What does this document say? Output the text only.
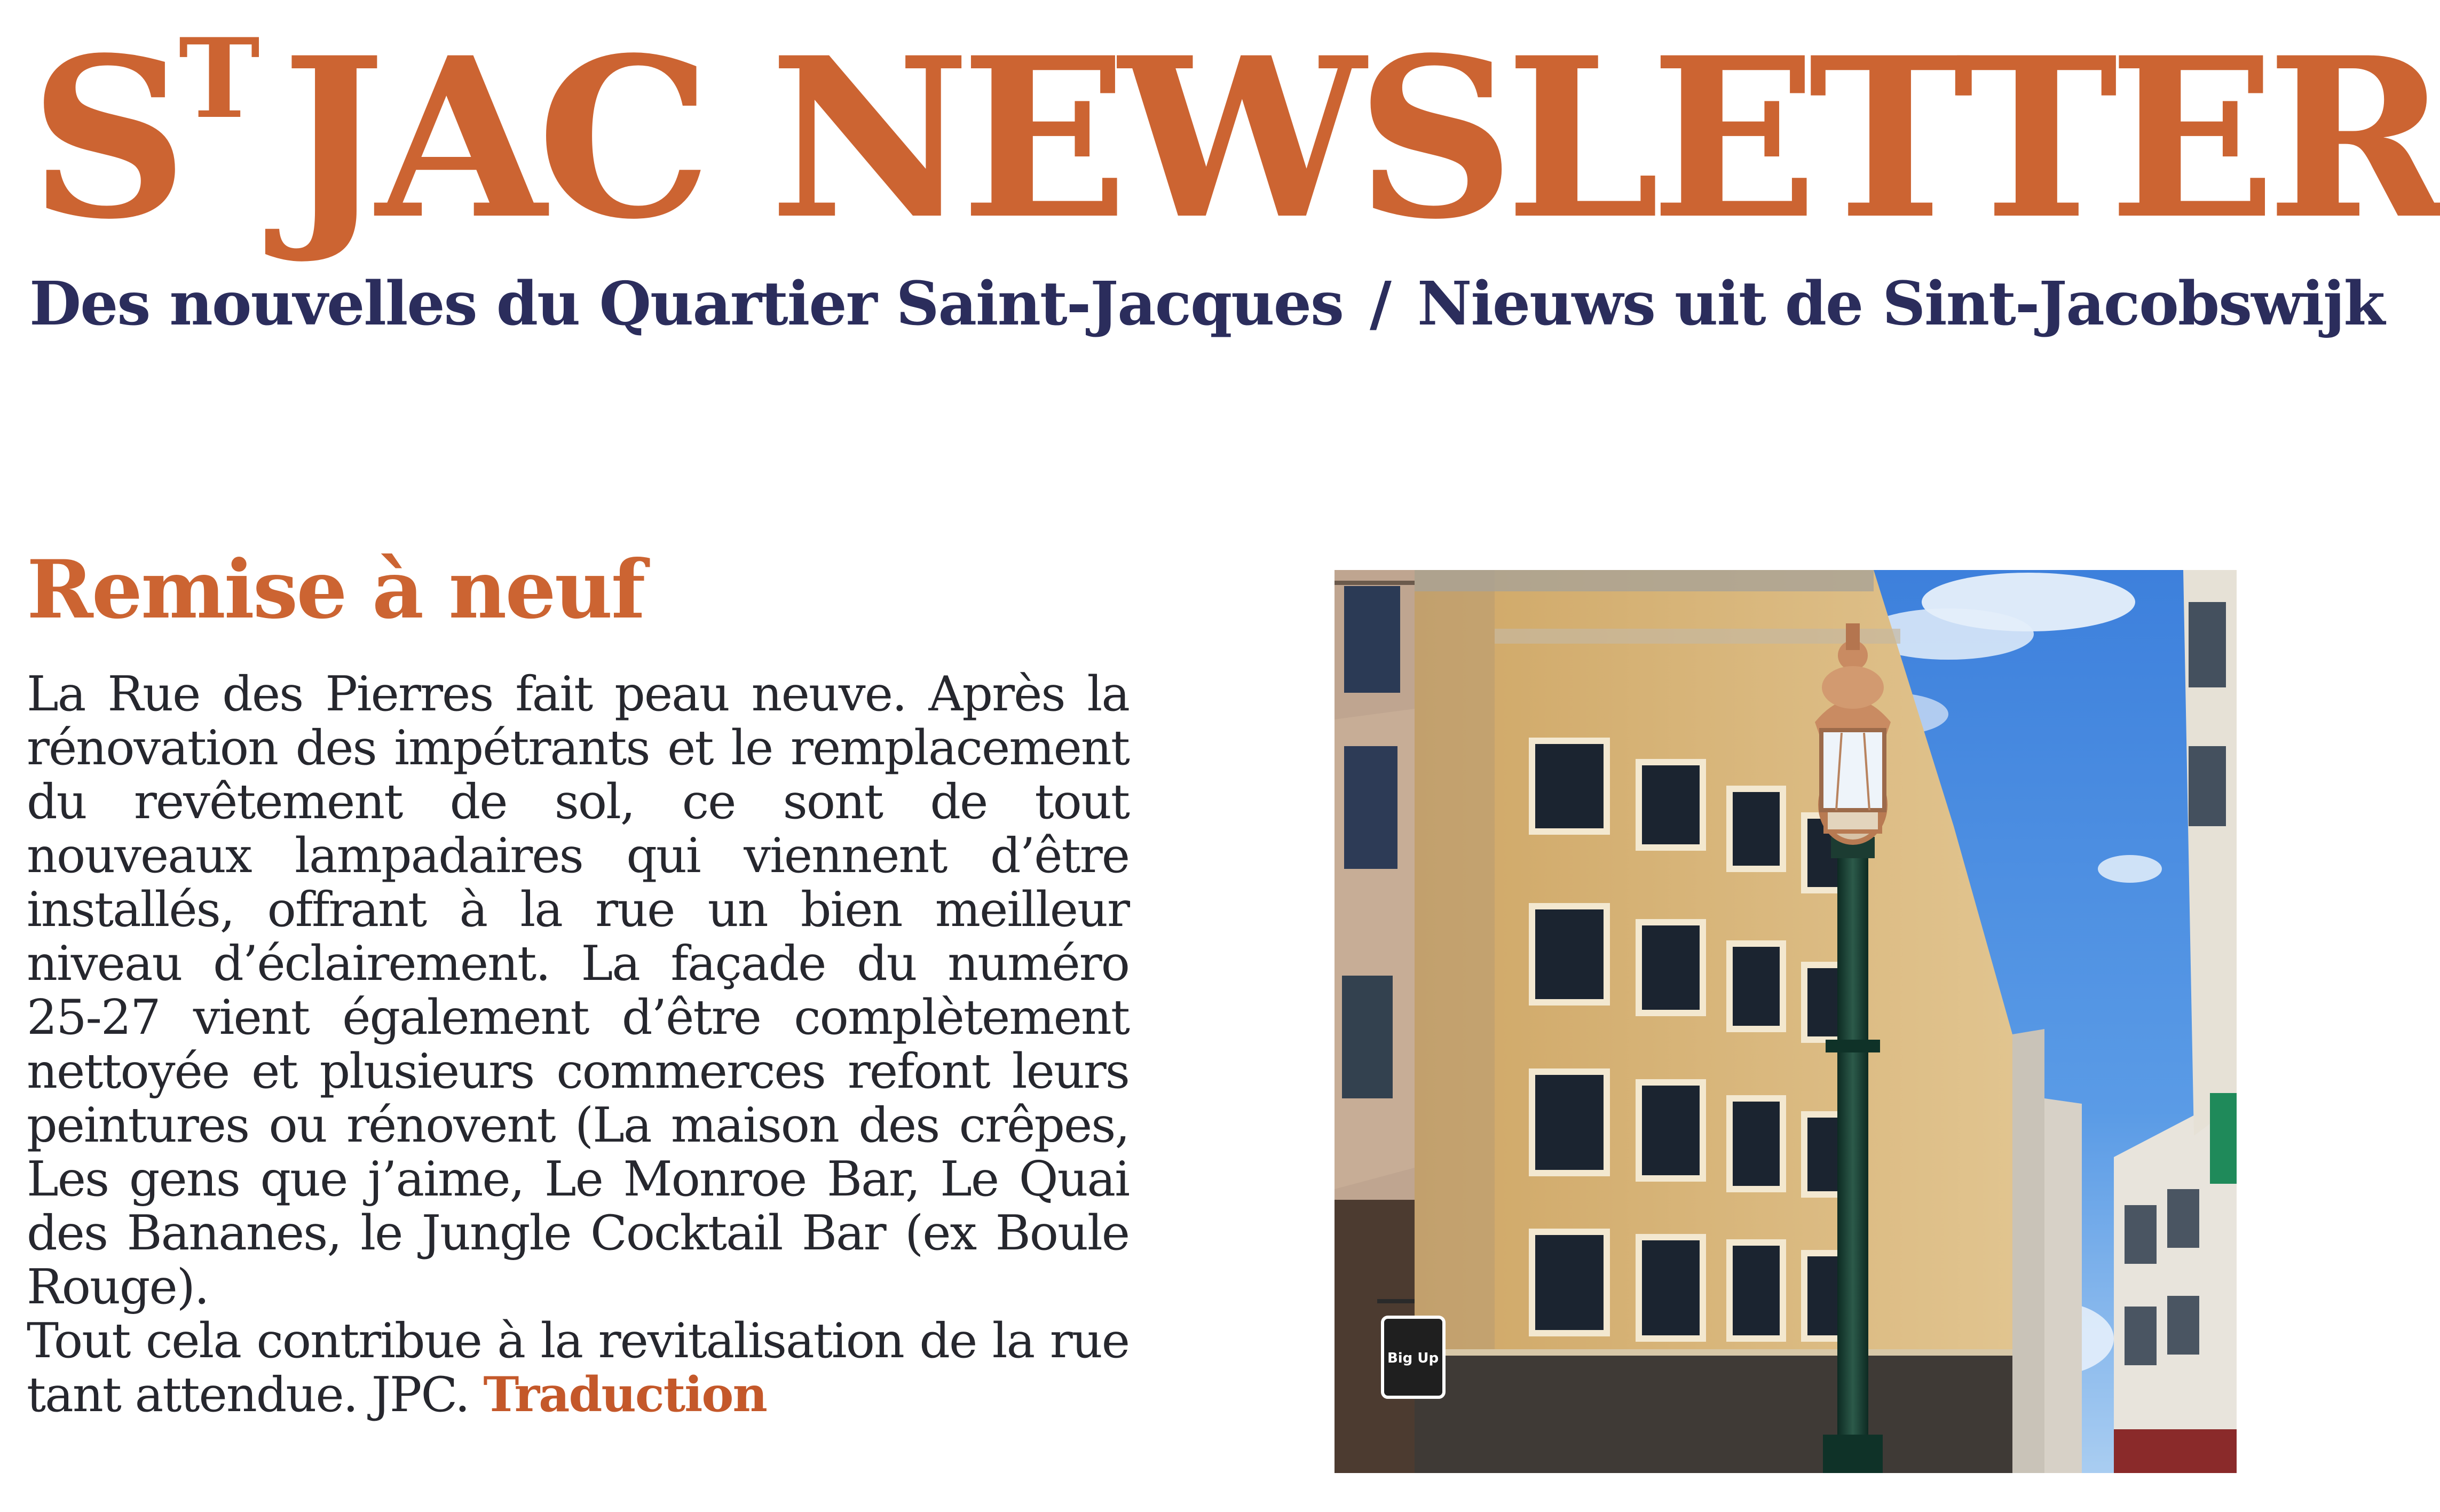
$S^TJAC$ NEWSLETTER
Des nouvelles du Quartier Saint-Jacques / Nieuws uit de Sint-Jacobswijk
Remise à neuf

La Rue des Pierres fait peau neuve. Après la rénovation des impétrants et le remplacement du revêtement de sol, ce sont de tout nouveaux lampadaires qui viennent d’être installés, offrant à la rue un bien meilleur niveau d’éclairement. La façade du numéro 25-27 vient également d’être complètement nettoyée et plusieurs commerces refont leurs peintures ou rénovent (La maison des crêpes, Les gens que j’aime, Le Monroe Bar, Le Quai des Bananes, le Jungle Cocktail Bar (ex Boule Rouge).

Tout cela contribue à la revitalisation de la rue tant attendue. JPC. Traduction

Big Up
